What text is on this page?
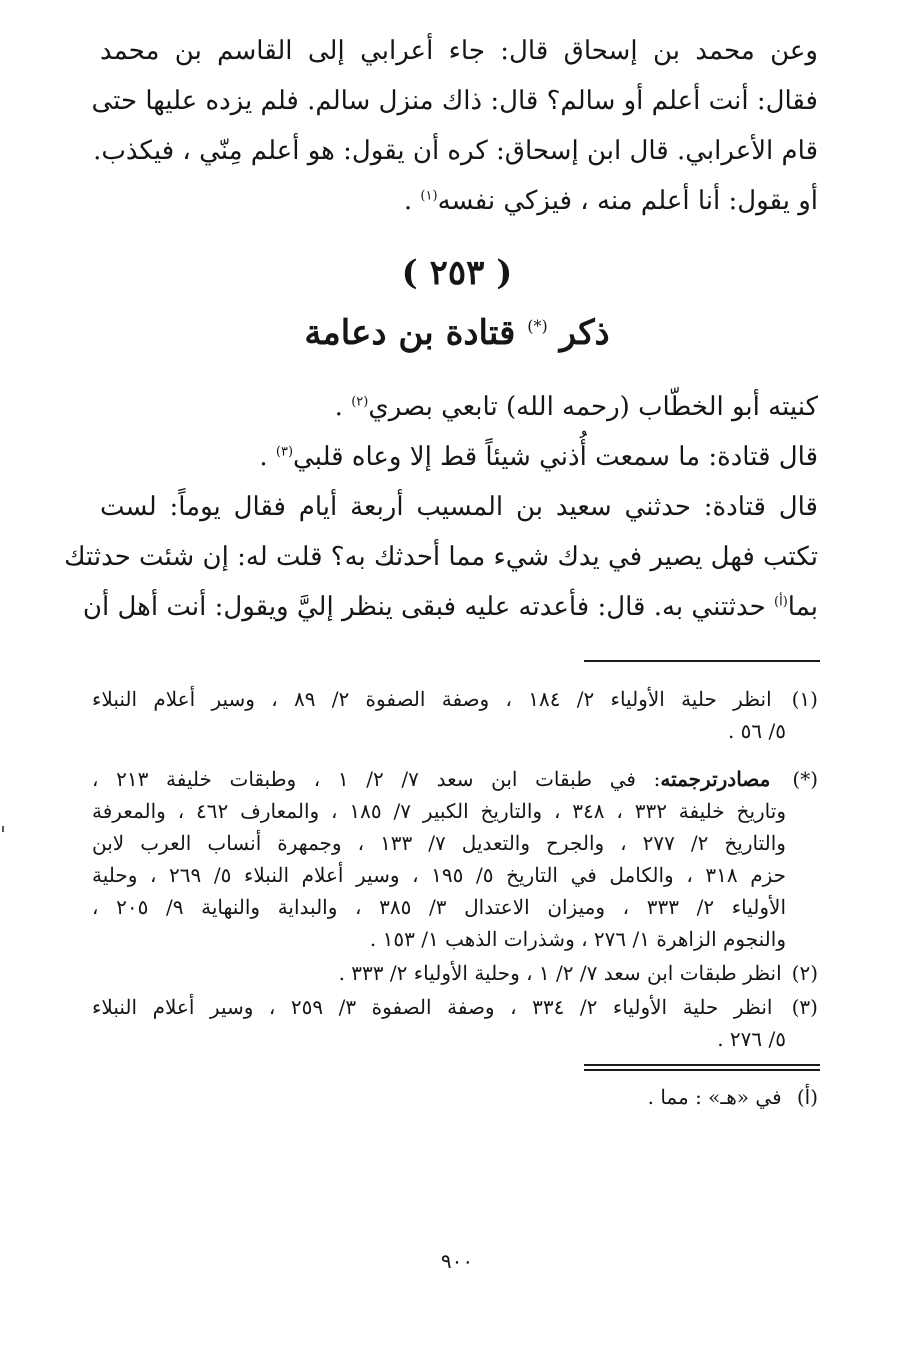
وعن محمد بن إسحاق قال: جاء أعرابي إلى القاسم بن محمد
فقال: أنت أعلم أو سالم؟ قال: ذاك منزل سالم. فلم يزده عليها حتى
قام الأعرابي. قال ابن إسحاق: كره أن يقول: هو أعلم مِنّي ، فيكذب.
أو يقول: أنا أعلم منه ، فيزكي نفسه$^{(١)}$ .
( ٢٥٣ )
ذكر (*) قتادة بن دعامة
كنيته أبو الخطّاب (رحمه الله) تابعي بصري$^{(٢)}$ .
قال قتادة: ما سمعت أُذني شيئاً قط إلا وعاه قلبي$^{(٣)}$ .
قال قتادة: حدثني سعيد بن المسيب أربعة أيام فقال يوماً: لست
تكتب فهل يصير في يدك شيء مما أحدثك به؟ قلت له: إن شئت حدثتك
بما$^{(أ)}$ حدثتني به. قال: فأعدته عليه فبقى ينظر إليَّ ويقول: أنت أهل أن
(١) انظر حلية الأولياء ٢/ ١٨٤ ، وصفة الصفوة ٢/ ٨٩ ، وسير أعلام النبلاء
٥/ ٥٦ .
(*) مصادرترجمته: في طبقات ابن سعد ٧/ ٢/ ١ ، وطبقات خليفة ٢١٣ ،
وتاريخ خليفة ٣٣٢ ، ٣٤٨ ، والتاريخ الكبير ٧/ ١٨٥ ، والمعارف ٤٦٢ ، والمعرفة
والتاريخ ٢/ ٢٧٧ ، والجرح والتعديل ٧/ ١٣٣ ، وجمهرة أنساب العرب لابن
حزم ٣١٨ ، والكامل في التاريخ ٥/ ١٩٥ ، وسير أعلام النبلاء ٥/ ٢٦٩ ، وحلية
الأولياء ٢/ ٣٣٣ ، وميزان الاعتدال ٣/ ٣٨٥ ، والبداية والنهاية ٩/ ٢٠٥ ،
والنجوم الزاهرة ١/ ٢٧٦ ، وشذرات الذهب ١/ ١٥٣ .
(٢) انظر طبقات ابن سعد ٧/ ٢/ ١ ، وحلية الأولياء ٢/ ٣٣٣ .
(٣) انظر حلية الأولياء ٢/ ٣٣٤ ، وصفة الصفوة ٣/ ٢٥٩ ، وسير أعلام النبلاء
٥/ ٢٧٦ .
(أ) في «هـ» : مما .
٩٠٠
